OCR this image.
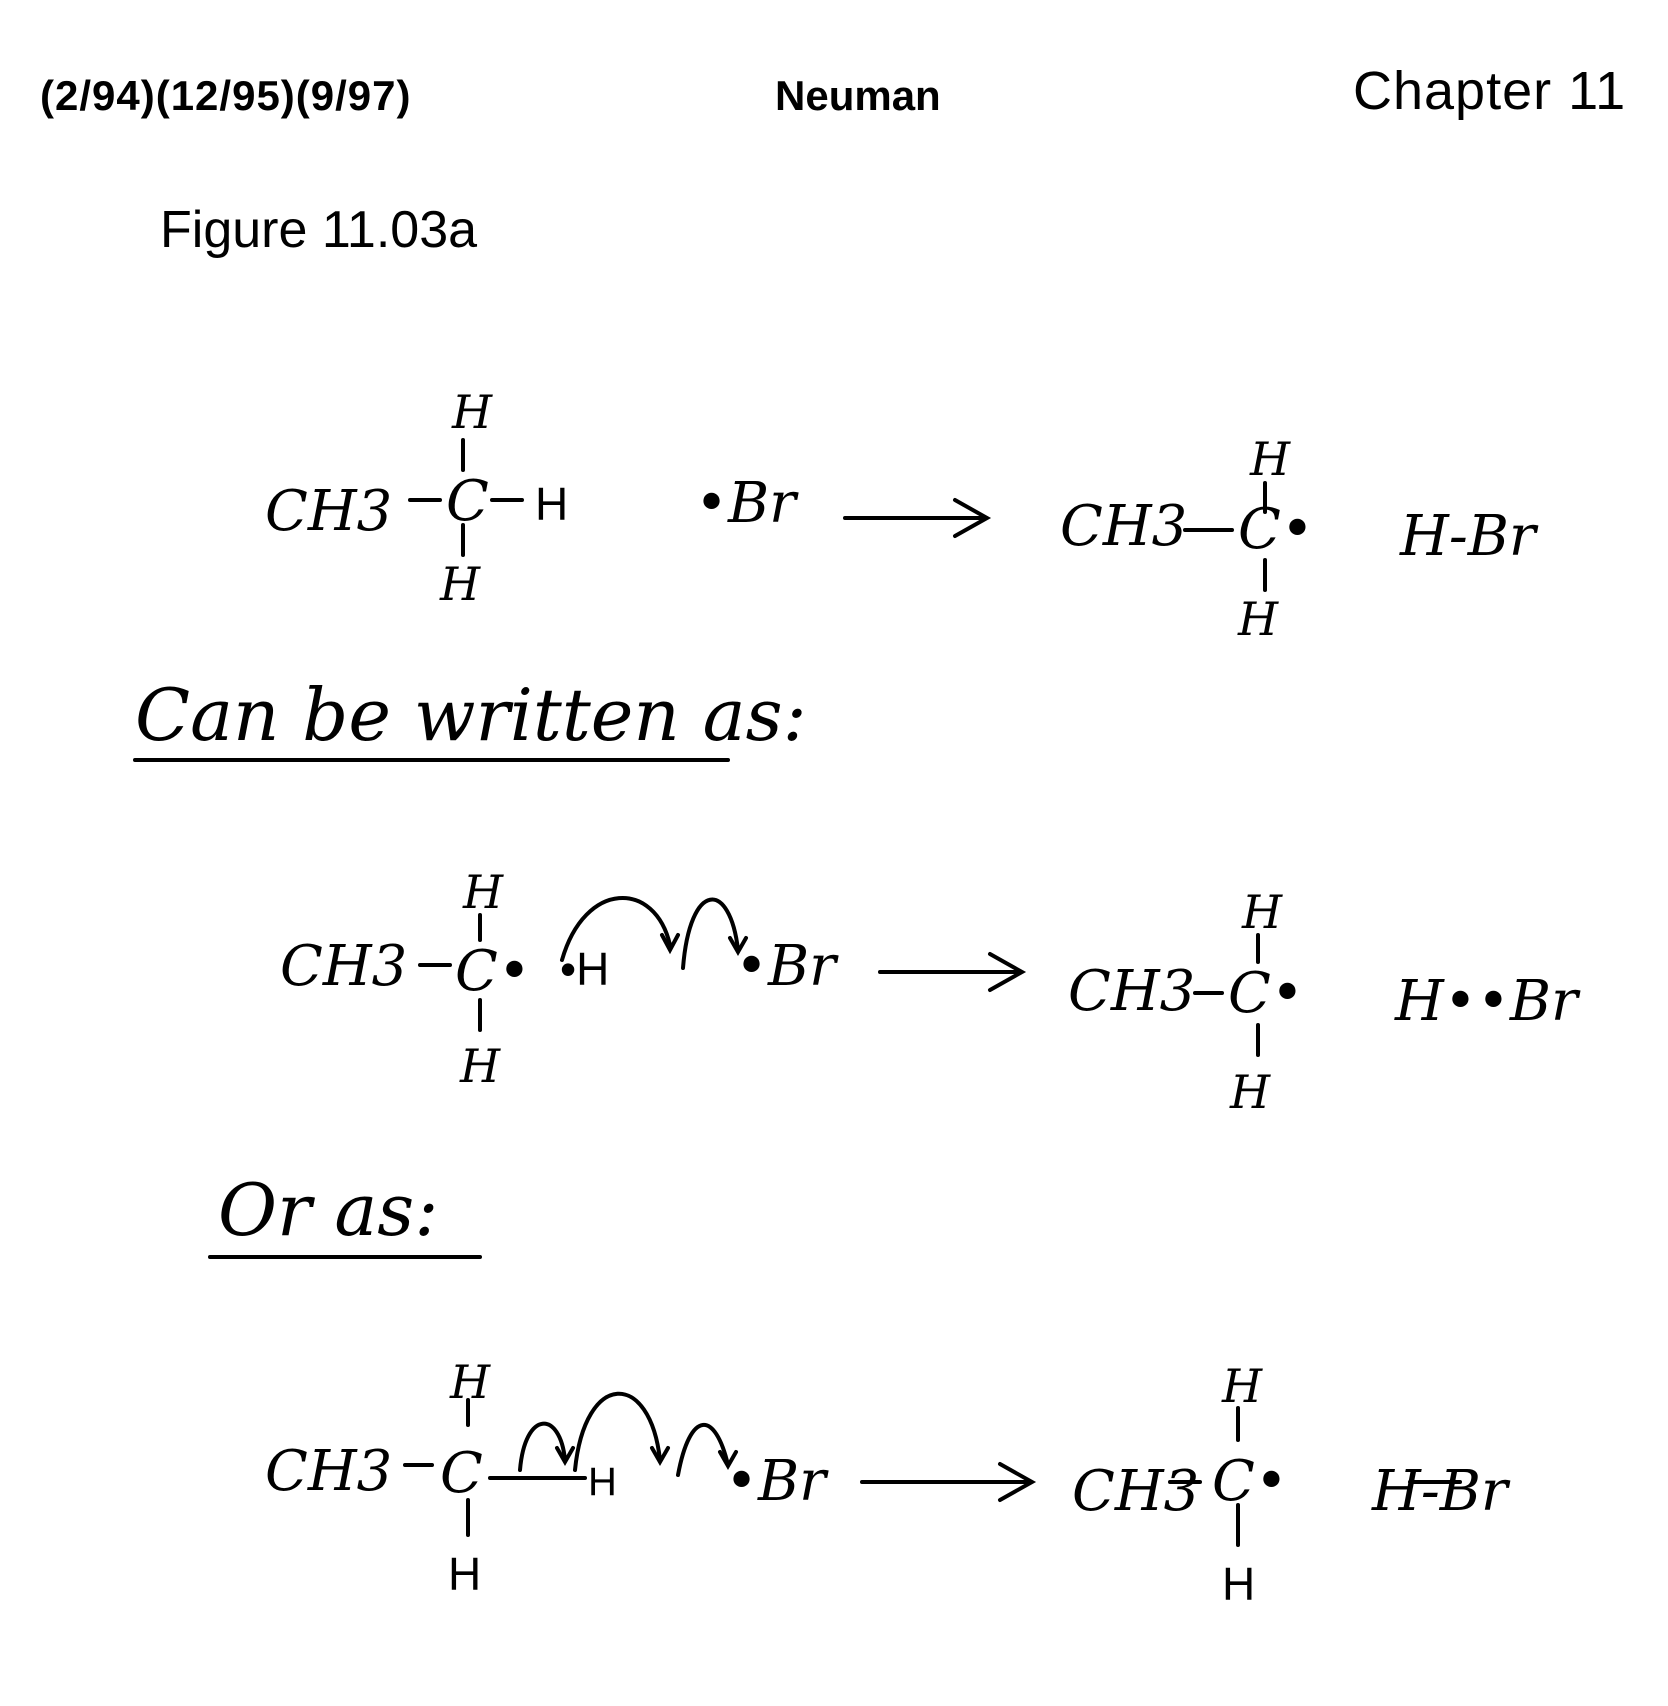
(2/94)(12/95)(9/97)	Neuman	Chapter 11
Figure 11.03a
CH3
H
C H
H
•Br	CH3
H
C•
H
H-Br
Can be written as:
CH3
H
C•
H
•H •Br	CH3
H
C•
H
H••Br
Or as:
CH3
H
C
H
H •Br	CH3
H
C•
H
H-Br
